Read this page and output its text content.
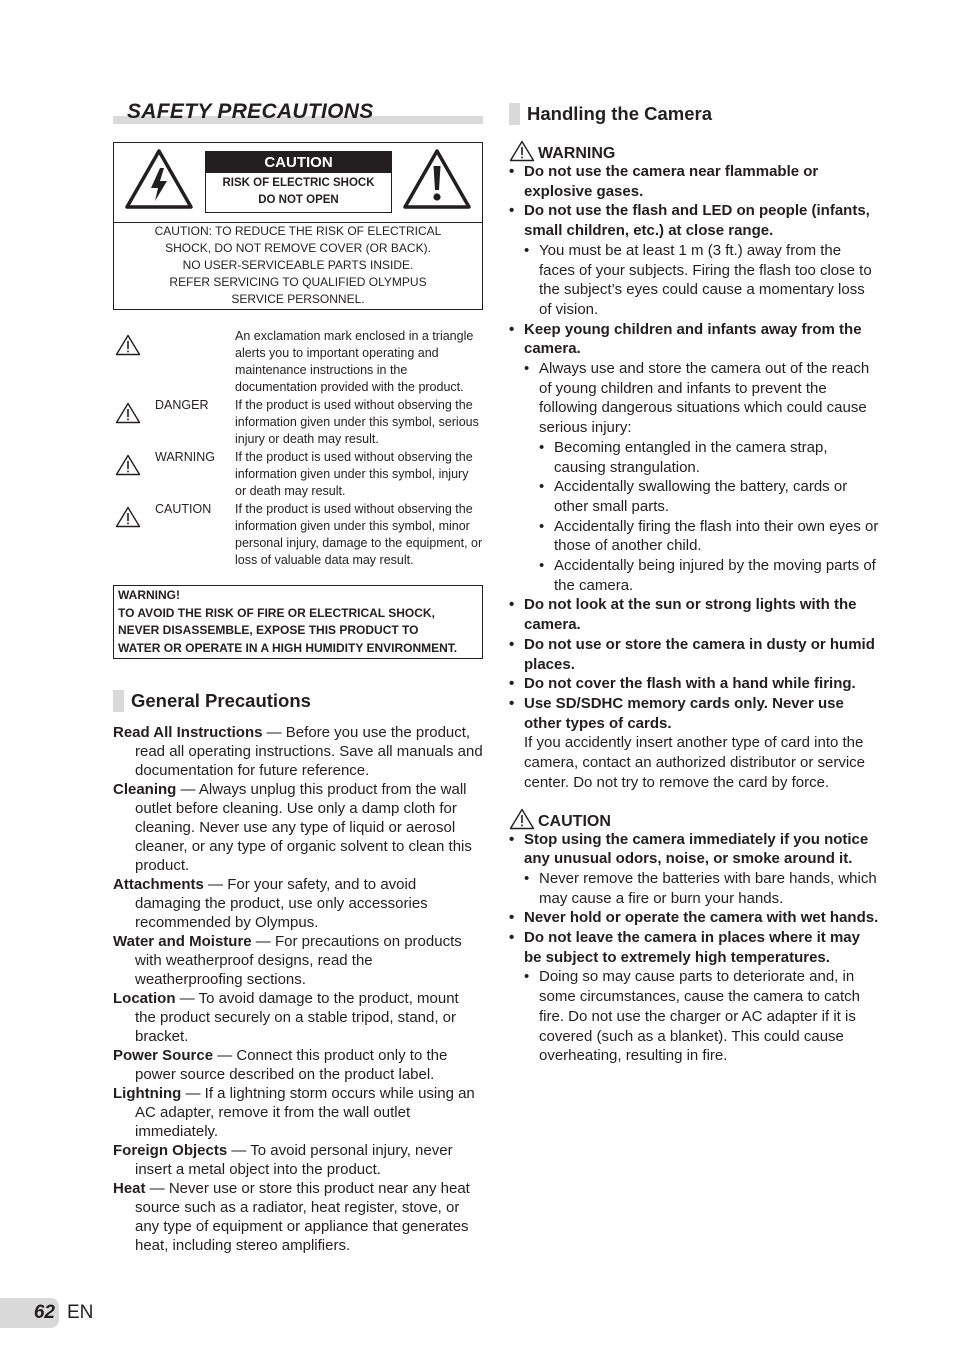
SAFETY PRECAUTIONS
CAUTION
RISK OF ELECTRIC SHOCK
DO NOT OPEN
CAUTION: TO REDUCE THE RISK OF ELECTRICAL
SHOCK, DO NOT REMOVE COVER (OR BACK).
NO USER-SERVICEABLE PARTS INSIDE.
REFER SERVICING TO QUALIFIED OLYMPUS
SERVICE PERSONNEL.
An exclamation mark enclosed in a triangle alerts you to important operating and maintenance instructions in the documentation provided with the product.
DANGER If the product is used without observing the information given under this symbol, serious injury or death may result.
WARNING If the product is used without observing the information given under this symbol, injury or death may result.
CAUTION If the product is used without observing the information given under this symbol, minor personal injury, damage to the equipment, or loss of valuable data may result.
WARNING!
TO AVOID THE RISK OF FIRE OR ELECTRICAL SHOCK,
NEVER DISASSEMBLE, EXPOSE THIS PRODUCT TO
WATER OR OPERATE IN A HIGH HUMIDITY ENVIRONMENT.
General Precautions
Read All Instructions — Before you use the product, read all operating instructions. Save all manuals and documentation for future reference.
Cleaning — Always unplug this product from the wall outlet before cleaning. Use only a damp cloth for cleaning. Never use any type of liquid or aerosol cleaner, or any type of organic solvent to clean this product.
Attachments — For your safety, and to avoid damaging the product, use only accessories recommended by Olympus.
Water and Moisture — For precautions on products with weatherproof designs, read the weatherproofing sections.
Location — To avoid damage to the product, mount the product securely on a stable tripod, stand, or bracket.
Power Source — Connect this product only to the power source described on the product label.
Lightning — If a lightning storm occurs while using an AC adapter, remove it from the wall outlet immediately.
Foreign Objects — To avoid personal injury, never insert a metal object into the product.
Heat — Never use or store this product near any heat source such as a radiator, heat register, stove, or any type of equipment or appliance that generates heat, including stereo amplifiers.
Handling the Camera
WARNING
• Do not use the camera near flammable or explosive gases.
• Do not use the flash and LED on people (infants, small children, etc.) at close range.
• You must be at least 1 m (3 ft.) away from the faces of your subjects. Firing the flash too close to the subject’s eyes could cause a momentary loss of vision.
• Keep young children and infants away from the camera.
• Always use and store the camera out of the reach of young children and infants to prevent the following dangerous situations which could cause serious injury:
• Becoming entangled in the camera strap, causing strangulation.
• Accidentally swallowing the battery, cards or other small parts.
• Accidentally firing the flash into their own eyes or those of another child.
• Accidentally being injured by the moving parts of the camera.
• Do not look at the sun or strong lights with the camera.
• Do not use or store the camera in dusty or humid places.
• Do not cover the flash with a hand while firing.
• Use SD/SDHC memory cards only. Never use other types of cards.
If you accidently insert another type of card into the camera, contact an authorized distributor or service center. Do not try to remove the card by force.
CAUTION
• Stop using the camera immediately if you notice any unusual odors, noise, or smoke around it.
• Never remove the batteries with bare hands, which may cause a fire or burn your hands.
• Never hold or operate the camera with wet hands.
• Do not leave the camera in places where it may be subject to extremely high temperatures.
• Doing so may cause parts to deteriorate and, in some circumstances, cause the camera to catch fire. Do not use the charger or AC adapter if it is covered (such as a blanket). This could cause overheating, resulting in fire.
62 EN
